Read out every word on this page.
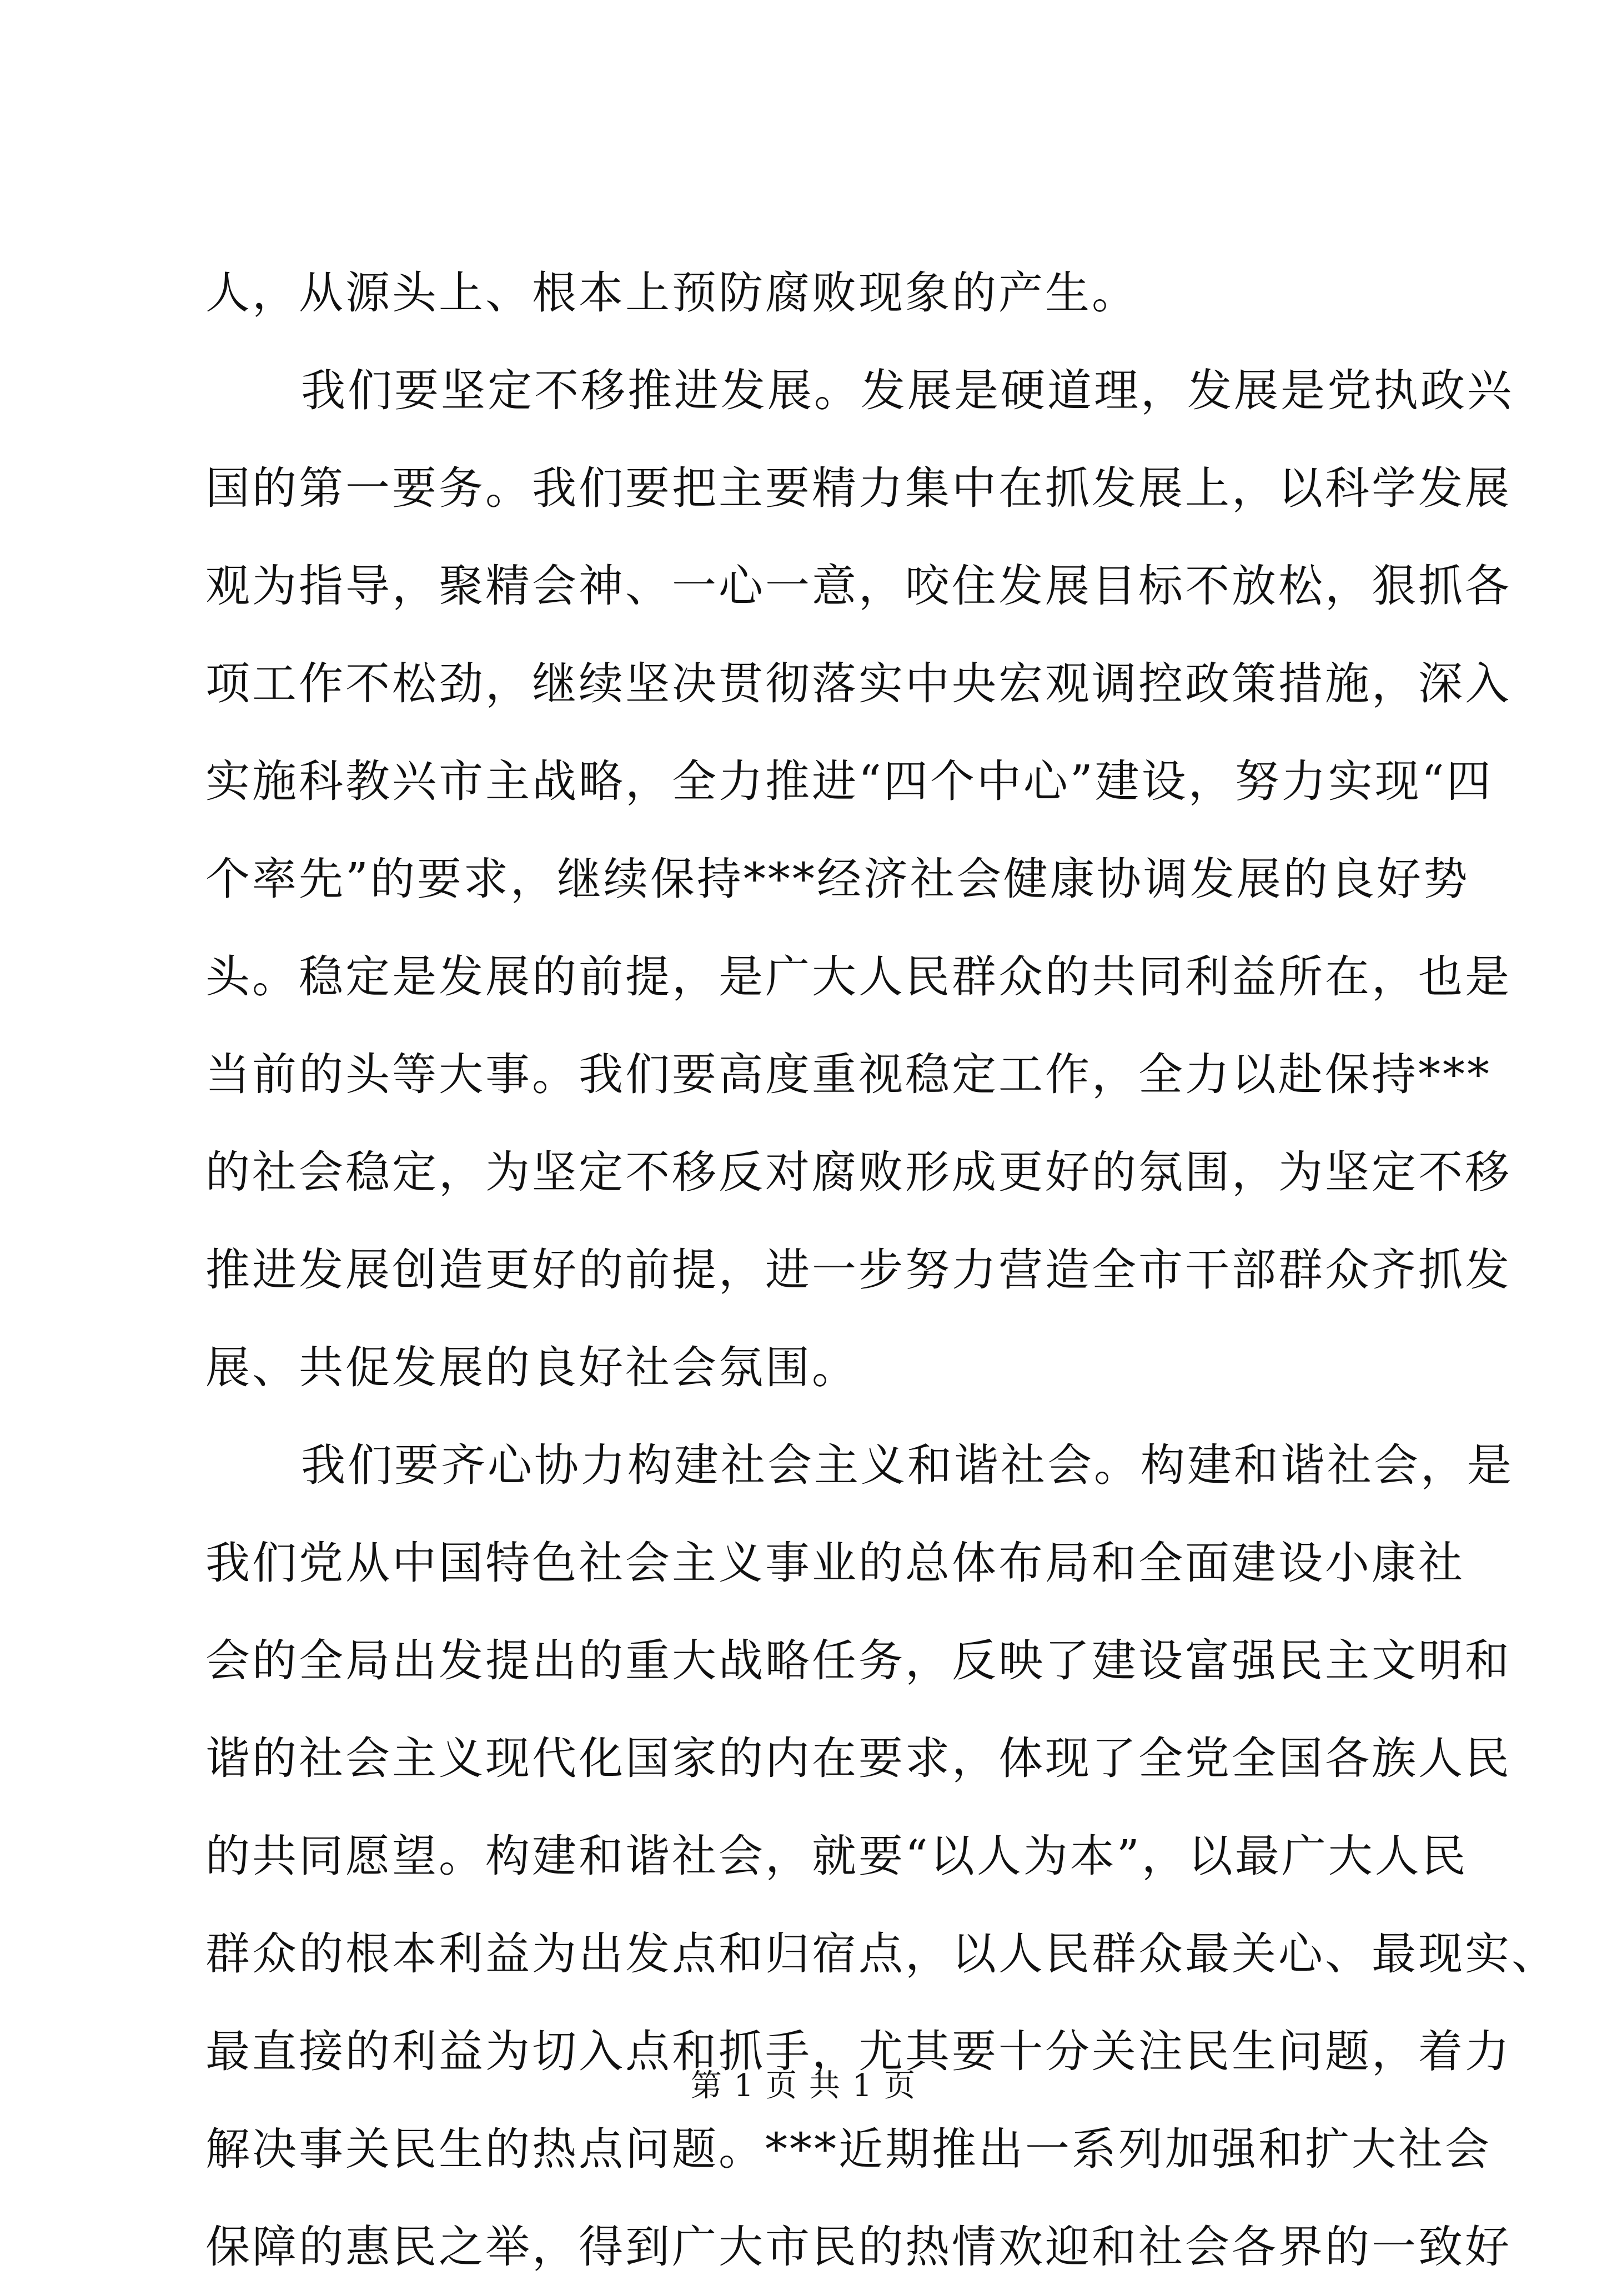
人，从源头上、根本上预防腐败现象的产生。
我们要坚定不移推进发展。发展是硬道理，发展是党执政兴
国的第一要务。我们要把主要精力集中在抓发展上，以科学发展
观为指导，聚精会神、一心一意，咬住发展目标不放松，狠抓各
项工作不松劲，继续坚决贯彻落实中央宏观调控政策措施，深入
实施科教兴市主战略，全力推进“四个中心”建设，努力实现“四
个率先”的要求，继续保持***经济社会健康协调发展的良好势
头。稳定是发展的前提，是广大人民群众的共同利益所在，也是
当前的头等大事。我们要高度重视稳定工作，全力以赴保持***
的社会稳定，为坚定不移反对腐败形成更好的氛围，为坚定不移
推进发展创造更好的前提，进一步努力营造全市干部群众齐抓发
展、共促发展的良好社会氛围。
我们要齐心协力构建社会主义和谐社会。构建和谐社会，是
我们党从中国特色社会主义事业的总体布局和全面建设小康社
会的全局出发提出的重大战略任务，反映了建设富强民主文明和
谐的社会主义现代化国家的内在要求，体现了全党全国各族人民
的共同愿望。构建和谐社会，就要“以人为本”，以最广大人民
群众的根本利益为出发点和归宿点，以人民群众最关心、最现实、
最直接的利益为切入点和抓手，尤其要十分关注民生问题，着力
解决事关民生的热点问题。***近期推出一系列加强和扩大社会
保障的惠民之举，得到广大市民的热情欢迎和社会各界的一致好
第 1 页 共 1 页
